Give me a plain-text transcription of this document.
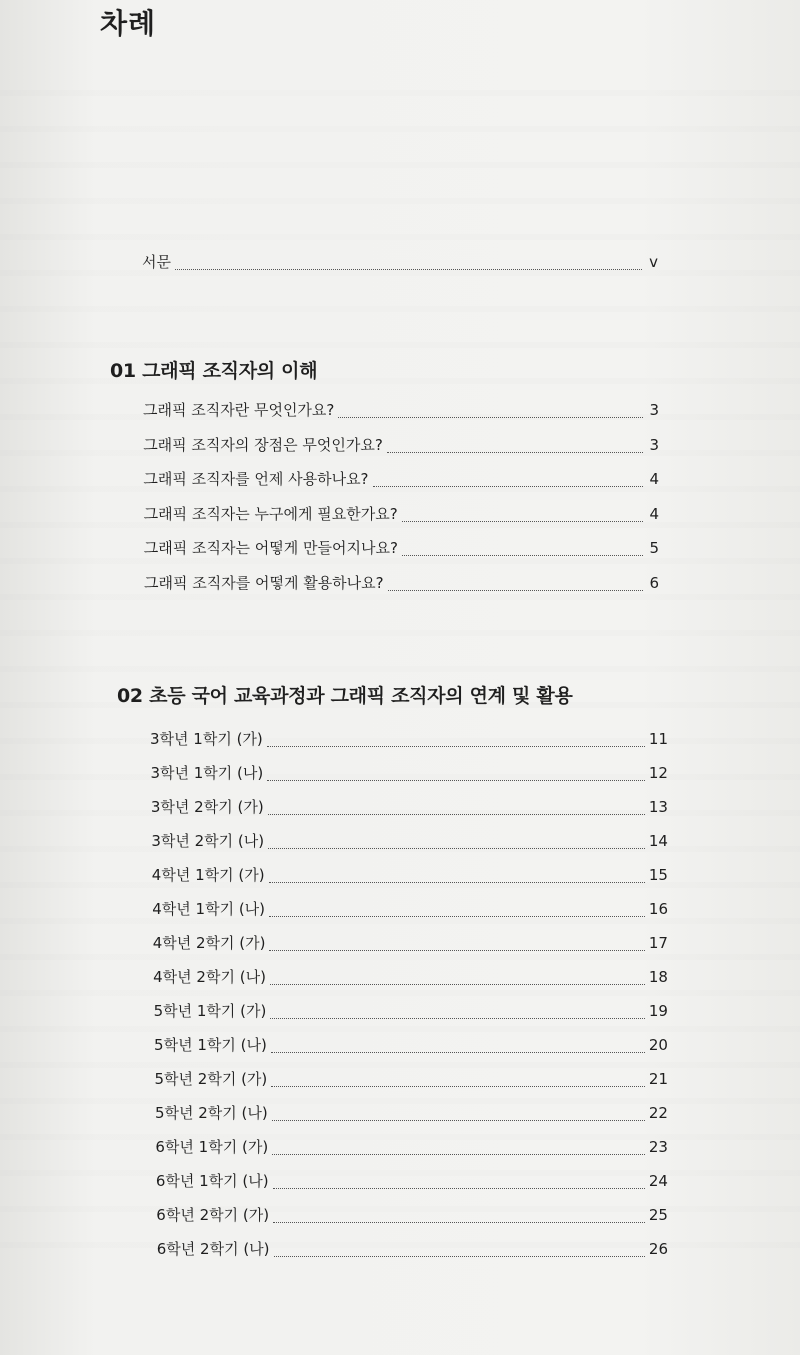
차례
서문	v
01 그래픽 조직자의 이해
그래픽 조직자란 무엇인가요?	3
그래픽 조직자의 장점은 무엇인가요?	3
그래픽 조직자를 언제 사용하나요?	4
그래픽 조직자는 누구에게 필요한가요?	4
그래픽 조직자는 어떻게 만들어지나요?	5
그래픽 조직자를 어떻게 활용하나요?	6
02 초등 국어 교육과정과 그래픽 조직자의 연계 및 활용
3학년 1학기 (가)	11
3학년 1학기 (나)	12
3학년 2학기 (가)	13
3학년 2학기 (나)	14
4학년 1학기 (가)	15
4학년 1학기 (나)	16
4학년 2학기 (가)	17
4학년 2학기 (나)	18
5학년 1학기 (가)	19
5학년 1학기 (나)	20
5학년 2학기 (가)	21
5학년 2학기 (나)	22
6학년 1학기 (가)	23
6학년 1학기 (나)	24
6학년 2학기 (가)	25
6학년 2학기 (나)	26
